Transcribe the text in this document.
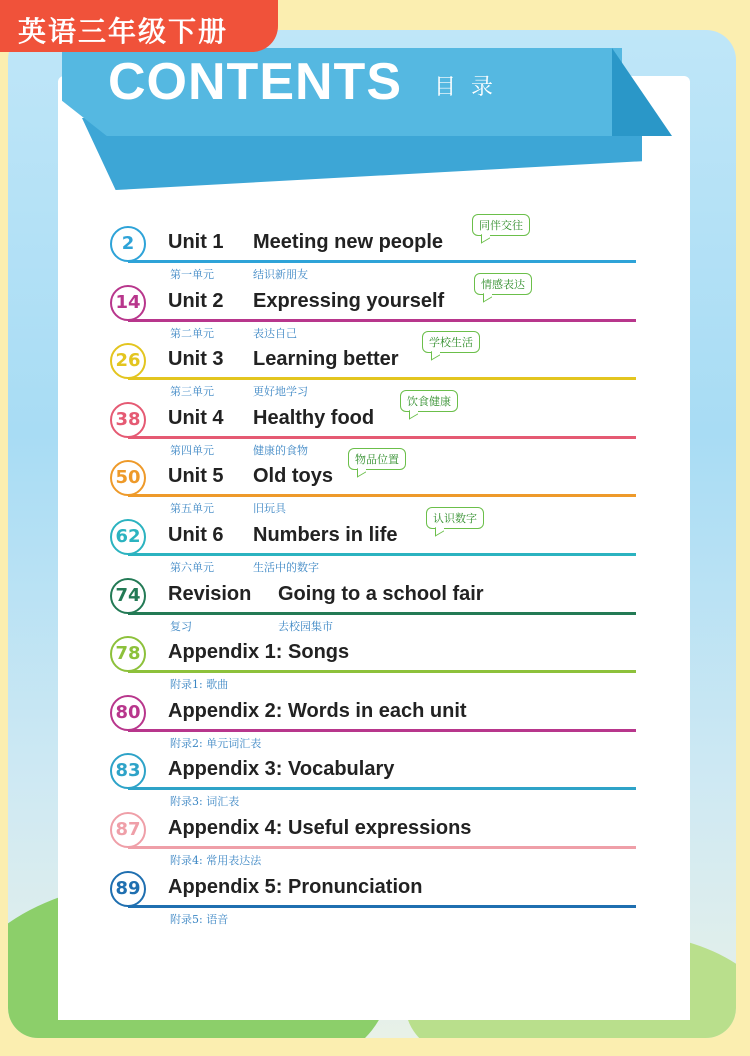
CONTENTS 目 录
英语三年级下册
2	Unit 1 Meeting new people
第一单元	结识新朋友
同伴交往
14 Unit 2 Expressing yourself
第二单元	表达自己
情感表达
26 Unit 3 Learning better
第三单元	更好地学习
学校生活
38 Unit 4 Healthy food
第四单元	健康的食物
饮食健康
50 Unit 5 Old toys
第五单元	旧玩具
物品位置
62 Unit 6 Numbers in life
第六单元	生活中的数字
认识数字
74 Revision Going to a school fair
复习	去校园集市
78 Appendix 1: Songs
附录1: 歌曲
80 Appendix 2: Words in each unit
附录2: 单元词汇表
83 Appendix 3: Vocabulary
附录3: 词汇表
87 Appendix 4: Useful expressions
附录4: 常用表达法
89 Appendix 5: Pronunciation
附录5: 语音
